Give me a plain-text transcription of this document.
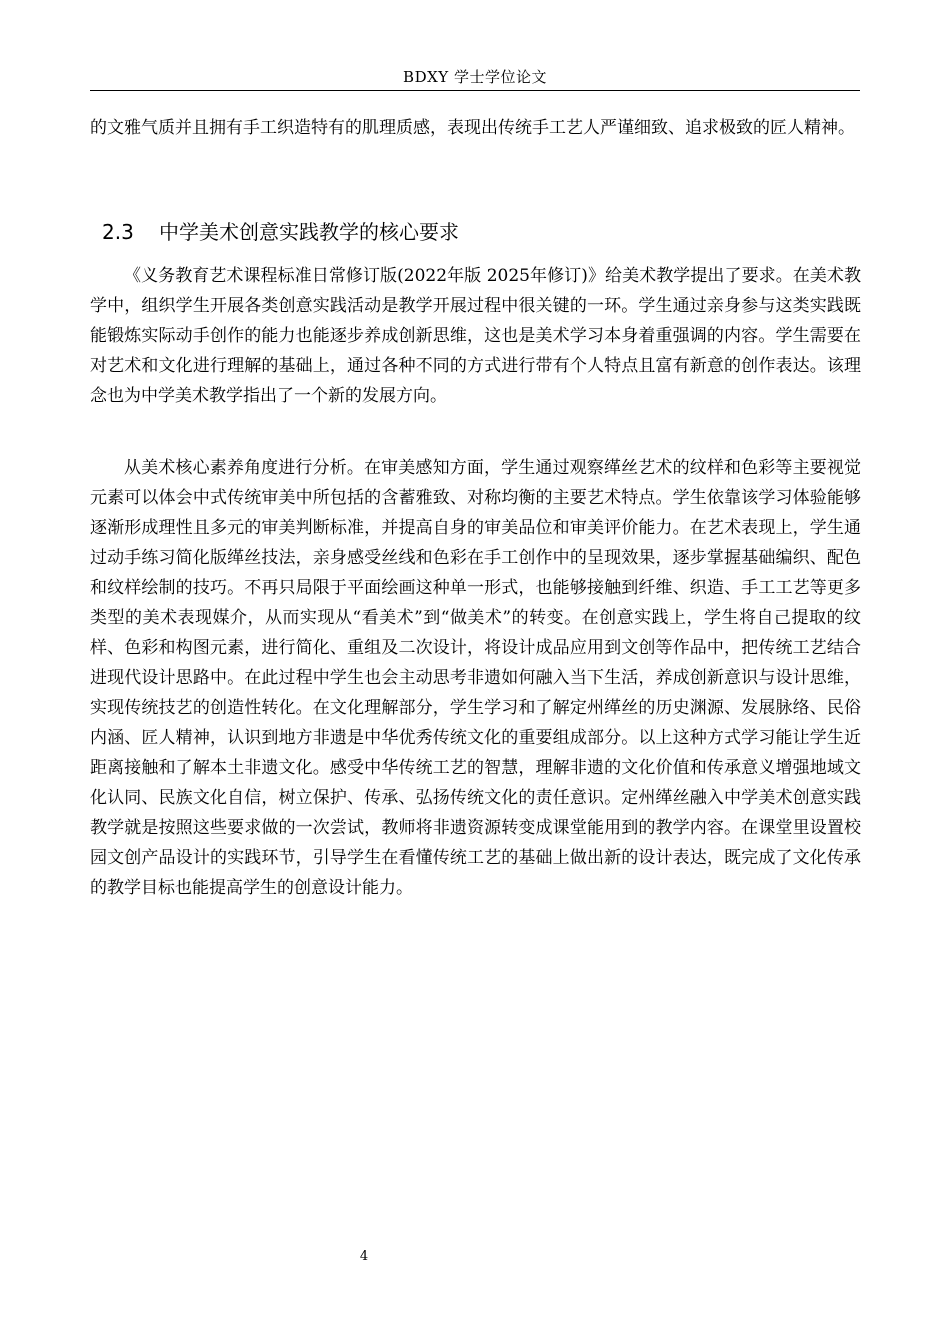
BDXY 学士学位论文

的文雅气质并且拥有手工织造特有的肌理质感，表现出传统手工艺人严谨细致、追求极致的匠人精神。

2.3 中学美术创意实践教学的核心要求

《义务教育艺术课程标准日常修订版(2022年版 2025年修订)》给美术教学提出了要求。在美术教学中，组织学生开展各类创意实践活动是教学开展过程中很关键的一环。学生通过亲身参与这类实践既能锻炼实际动手创作的能力也能逐步养成创新思维，这也是美术学习本身着重强调的内容。学生需要在对艺术和文化进行理解的基础上，通过各种不同的方式进行带有个人特点且富有新意的创作表达。该理念也为中学美术教学指出了一个新的发展方向。

从美术核心素养角度进行分析。在审美感知方面，学生通过观察缂丝艺术的纹样和色彩等主要视觉元素可以体会中式传统审美中所包括的含蓄雅致、对称均衡的主要艺术特点。学生依靠该学习体验能够逐渐形成理性且多元的审美判断标准，并提高自身的审美品位和审美评价能力。在艺术表现上，学生通过动手练习简化版缂丝技法，亲身感受丝线和色彩在手工创作中的呈现效果，逐步掌握基础编织、配色和纹样绘制的技巧。不再只局限于平面绘画这种单一形式，也能够接触到纤维、织造、手工工艺等更多类型的美术表现媒介，从而实现从“看美术”到“做美术”的转变。在创意实践上，学生将自己提取的纹样、色彩和构图元素，进行简化、重组及二次设计，将设计成品应用到文创等作品中，把传统工艺结合进现代设计思路中。在此过程中学生也会主动思考非遗如何融入当下生活，养成创新意识与设计思维，实现传统技艺的创造性转化。在文化理解部分，学生学习和了解定州缂丝的历史渊源、发展脉络、民俗内涵、匠人精神，认识到地方非遗是中华优秀传统文化的重要组成部分。以上这种方式学习能让学生近距离接触和了解本土非遗文化。感受中华传统工艺的智慧，理解非遗的文化价值和传承意义增强地域文化认同、民族文化自信，树立保护、传承、弘扬传统文化的责任意识。定州缂丝融入中学美术创意实践教学就是按照这些要求做的一次尝试，教师将非遗资源转变成课堂能用到的教学内容。在课堂里设置校园文创产品设计的实践环节，引导学生在看懂传统工艺的基础上做出新的设计表达，既完成了文化传承的教学目标也能提高学生的创意设计能力。

4
